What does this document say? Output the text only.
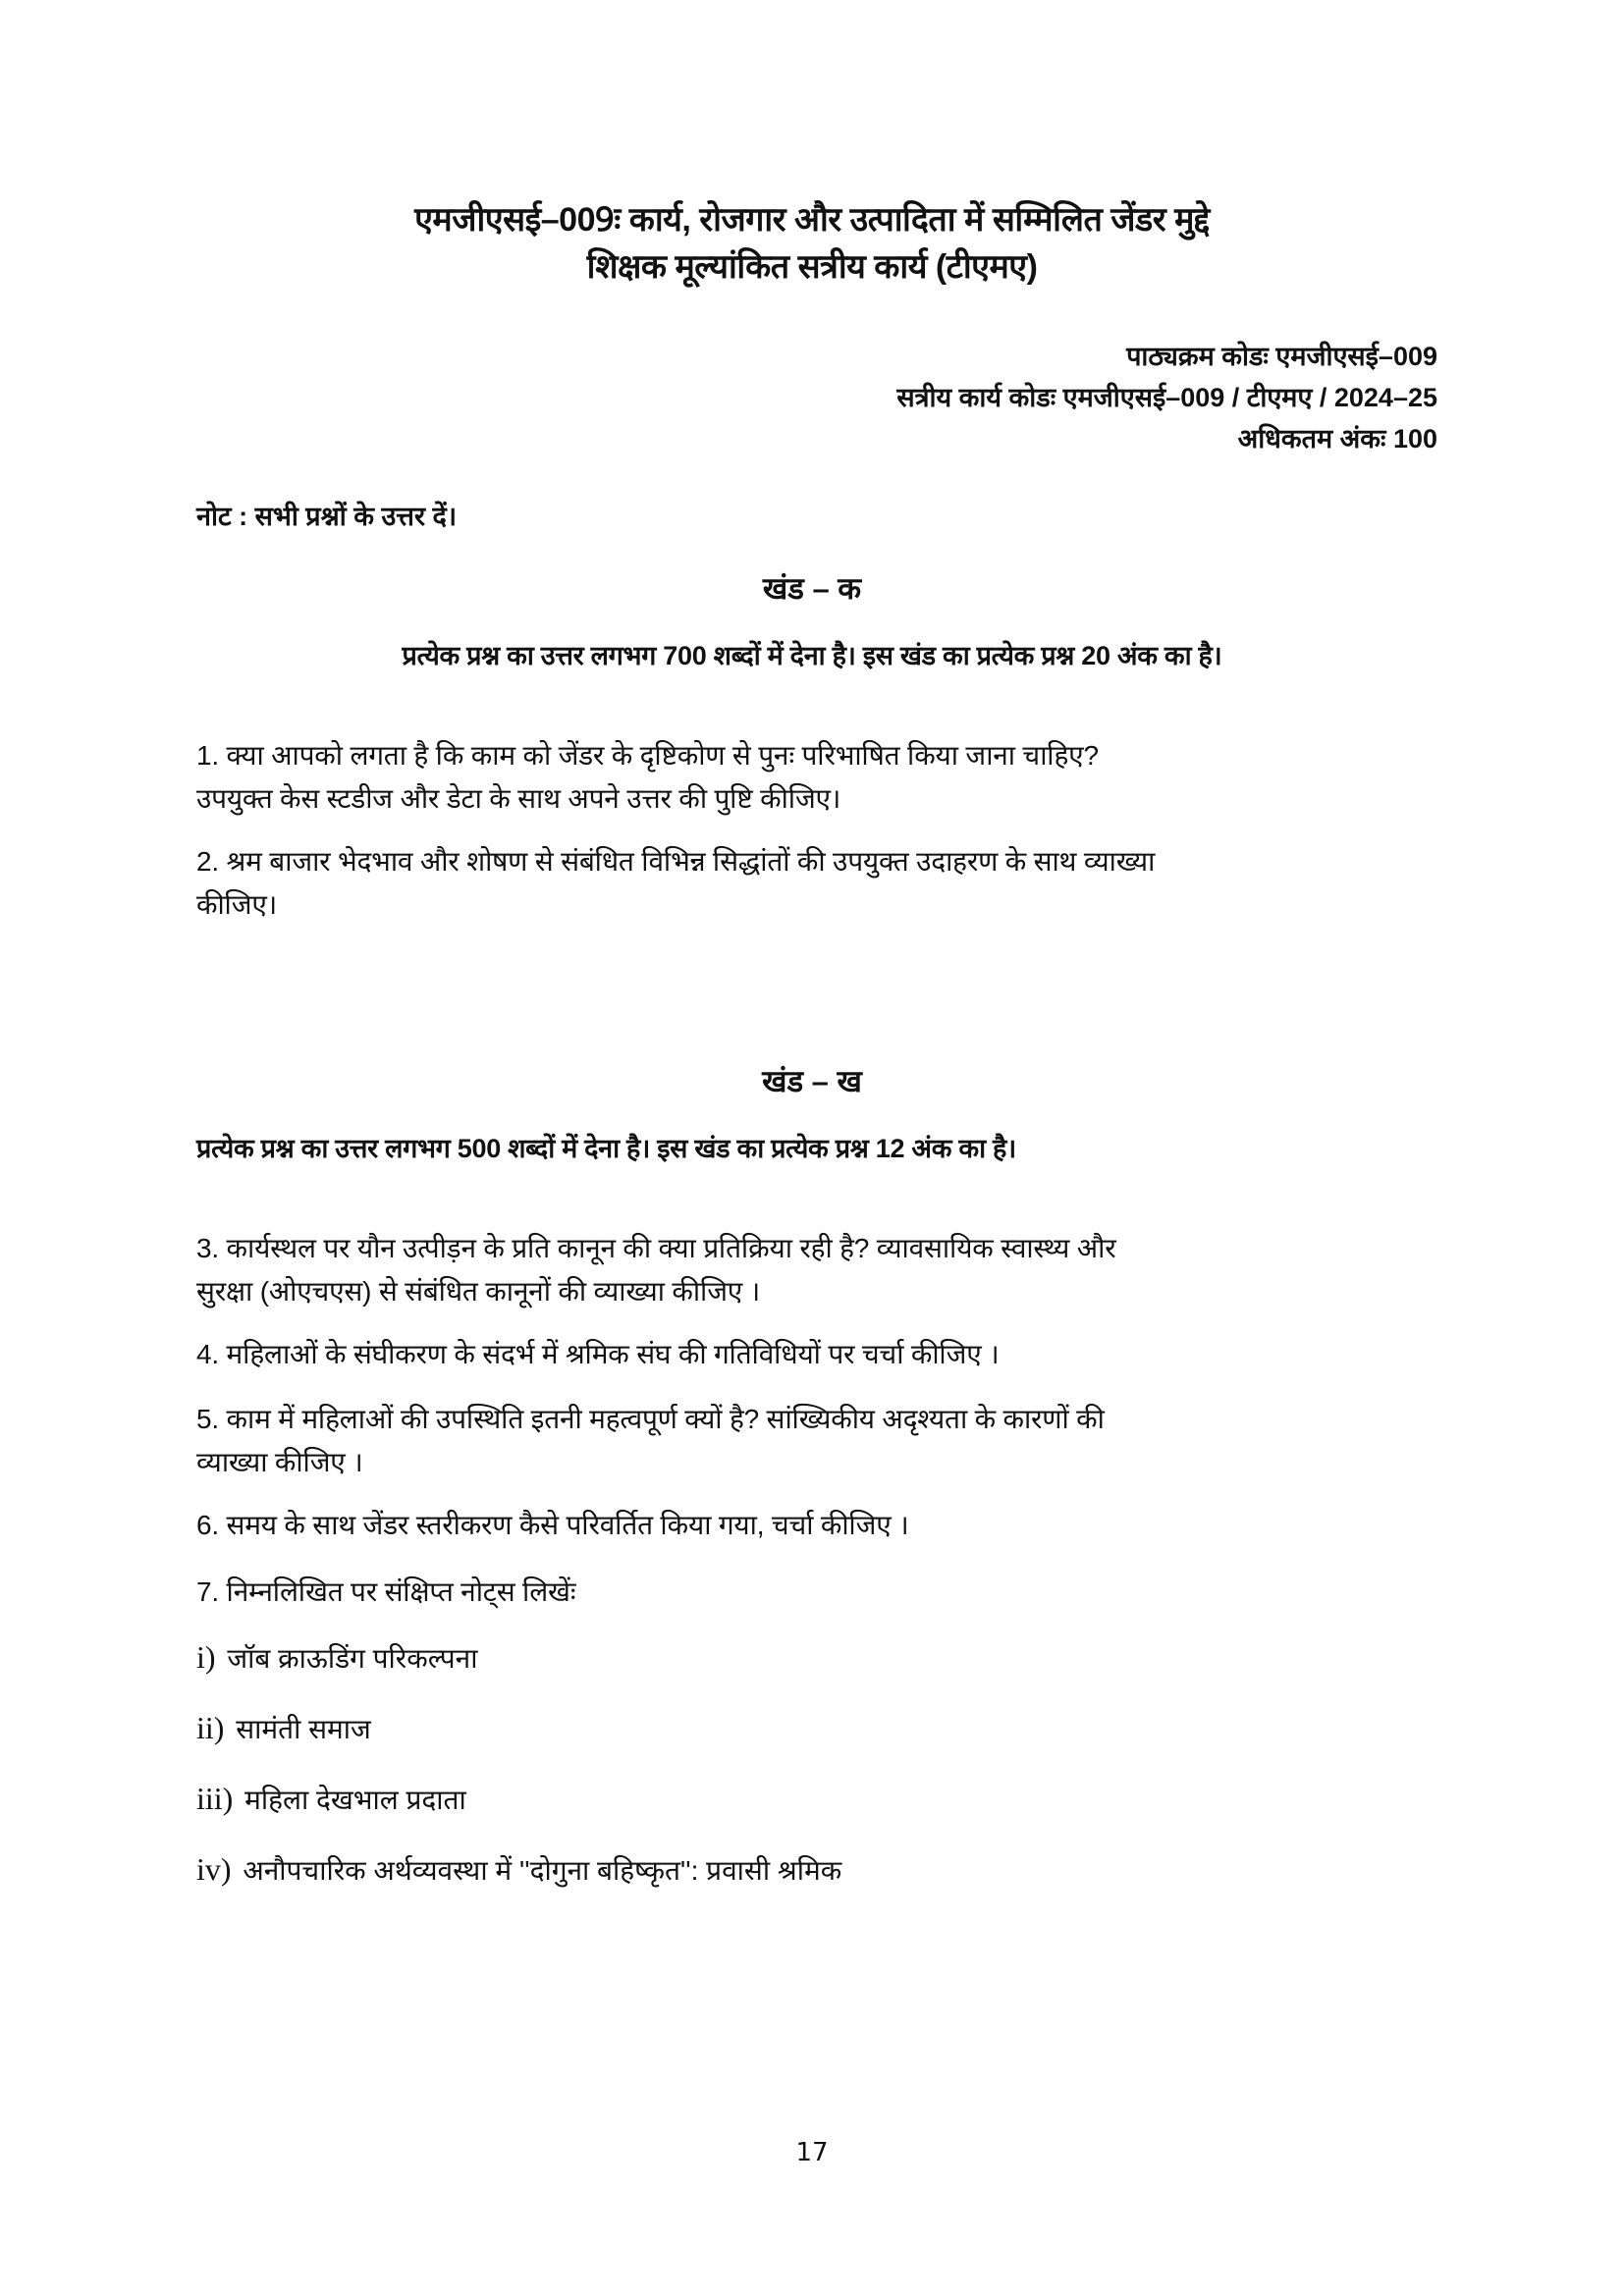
एमजीएसई–009ः कार्य, रोजगार और उत्पादिता में सम्मिलित जेंडर मुद्दे
शिक्षक मूल्यांकित सत्रीय कार्य (टीएमए)
पाठ्यक्रम कोडः एमजीएसई–009
सत्रीय कार्य कोडः एमजीएसई–009 / टीएमए / 2024–25
अधिकतम अंकः 100
नोट : सभी प्रश्नों के उत्तर दें।
खंड – क
प्रत्येक प्रश्न का उत्तर लगभग 700 शब्दों में देना है। इस खंड का प्रत्येक प्रश्न 20 अंक का है।
1. क्या आपको लगता है कि काम को जेंडर के दृष्टिकोण से पुनः परिभाषित किया जाना चाहिए?
उपयुक्त केस स्टडीज और डेटा के साथ अपने उत्तर की पुष्टि कीजिए।
2. श्रम बाजार भेदभाव और शोषण से संबंधित विभिन्न सिद्धांतों की उपयुक्त उदाहरण के साथ व्याख्या
कीजिए।
खंड – ख
प्रत्येक प्रश्न का उत्तर लगभग 500 शब्दों में देना है। इस खंड का प्रत्येक प्रश्न 12 अंक का है।
3. कार्यस्थल पर यौन उत्पीड़न के प्रति कानून की क्या प्रतिक्रिया रही है? व्यावसायिक स्वास्थ्य और
सुरक्षा (ओएचएस) से संबंधित कानूनों की व्याख्या कीजिए ।
4. महिलाओं के संघीकरण के संदर्भ में श्रमिक संघ की गतिविधियों पर चर्चा कीजिए ।
5. काम में महिलाओं की उपस्थिति इतनी महत्वपूर्ण क्यों है? सांख्यिकीय अदृश्यता के कारणों की
व्याख्या कीजिए ।
6. समय के साथ जेंडर स्तरीकरण कैसे परिवर्तित किया गया, चर्चा कीजिए ।
7. निम्नलिखित पर संक्षिप्त नोट्स लिखेंः
i) जॉब क्राऊडिंग परिकल्पना
ii) सामंती समाज
iii) महिला देखभाल प्रदाता
iv) अनौपचारिक अर्थव्यवस्था में ''दोगुना बहिष्कृत'': प्रवासी श्रमिक
17
